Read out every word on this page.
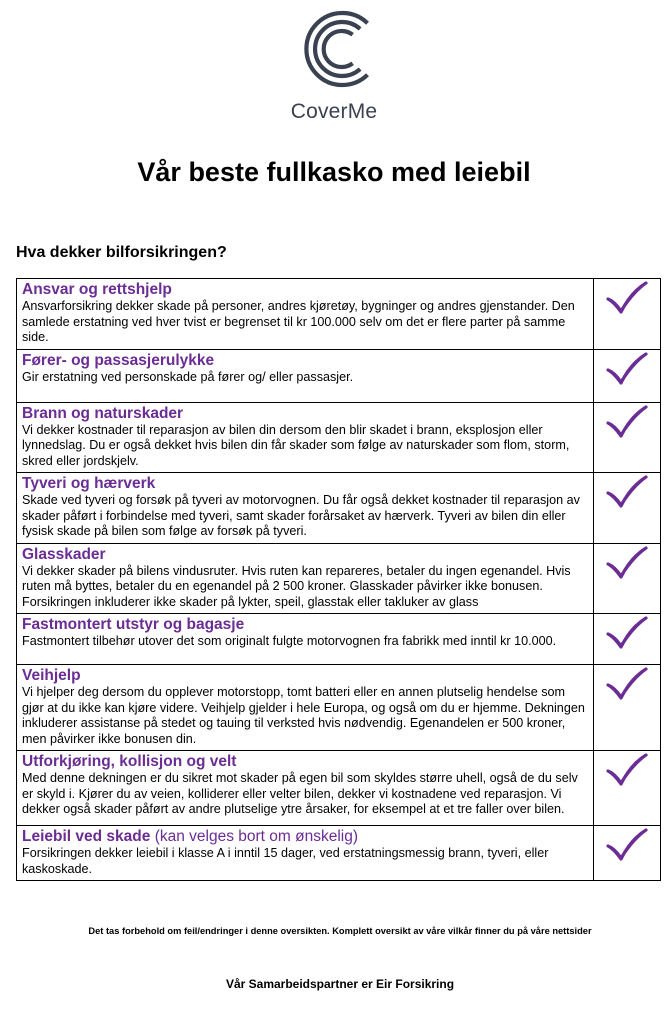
CoverMe
Vår beste fullkasko med leiebil
Hva dekker bilforsikringen?
Ansvar og rettshjelp
Ansvarforsikring dekker skade på personer, andres kjøretøy, bygninger og andres gjenstander. Den samlede erstatning ved hver tvist er begrenset til kr 100.000 selv om det er flere parter på samme side.

Fører- og passasjerulykke
Gir erstatning ved personskade på fører og/ eller passasjer.

Brann og naturskader
Vi dekker kostnader til reparasjon av bilen din dersom den blir skadet i brann, eksplosjon eller lynnedslag. Du er også dekket hvis bilen din får skader som følge av naturskader som flom, storm, skred eller jordskjelv.

Tyveri og hærverk
Skade ved tyveri og forsøk på tyveri av motorvognen. Du får også dekket kostnader til reparasjon av skader påført i forbindelse med tyveri, samt skader forårsaket av hærverk. Tyveri av bilen din eller fysisk skade på bilen som følge av forsøk på tyveri.

Glasskader
Vi dekker skader på bilens vindusruter. Hvis ruten kan repareres, betaler du ingen egenandel. Hvis ruten må byttes, betaler du en egenandel på 2 500 kroner. Glasskader påvirker ikke bonusen. Forsikringen inkluderer ikke skader på lykter, speil, glasstak eller takluker av glass

Fastmontert utstyr og bagasje
Fastmontert tilbehør utover det som originalt fulgte motorvognen fra fabrikk med inntil kr 10.000.

Veihjelp
Vi hjelper deg dersom du opplever motorstopp, tomt batteri eller en annen plutselig hendelse som gjør at du ikke kan kjøre videre. Veihjelp gjelder i hele Europa, og også om du er hjemme. Dekningen inkluderer assistanse på stedet og tauing til verksted hvis nødvendig. Egenandelen er 500 kroner, men påvirker ikke bonusen din.

Utforkjøring, kollisjon og velt
Med denne dekningen er du sikret mot skader på egen bil som skyldes større uhell, også de du selv er skyld i. Kjører du av veien, kolliderer eller velter bilen, dekker vi kostnadene ved reparasjon. Vi dekker også skader påført av andre plutselige ytre årsaker, for eksempel at et tre faller over bilen.

Leiebil ved skade (kan velges bort om ønskelig)
Forsikringen dekker leiebil i klasse A i inntil 15 dager, ved erstatningsmessig brann, tyveri, eller kaskoskade.

Det tas forbehold om feil/endringer i denne oversikten. Komplett oversikt av våre vilkår finner du på våre nettsider

Vår Samarbeidspartner er Eir Forsikring
